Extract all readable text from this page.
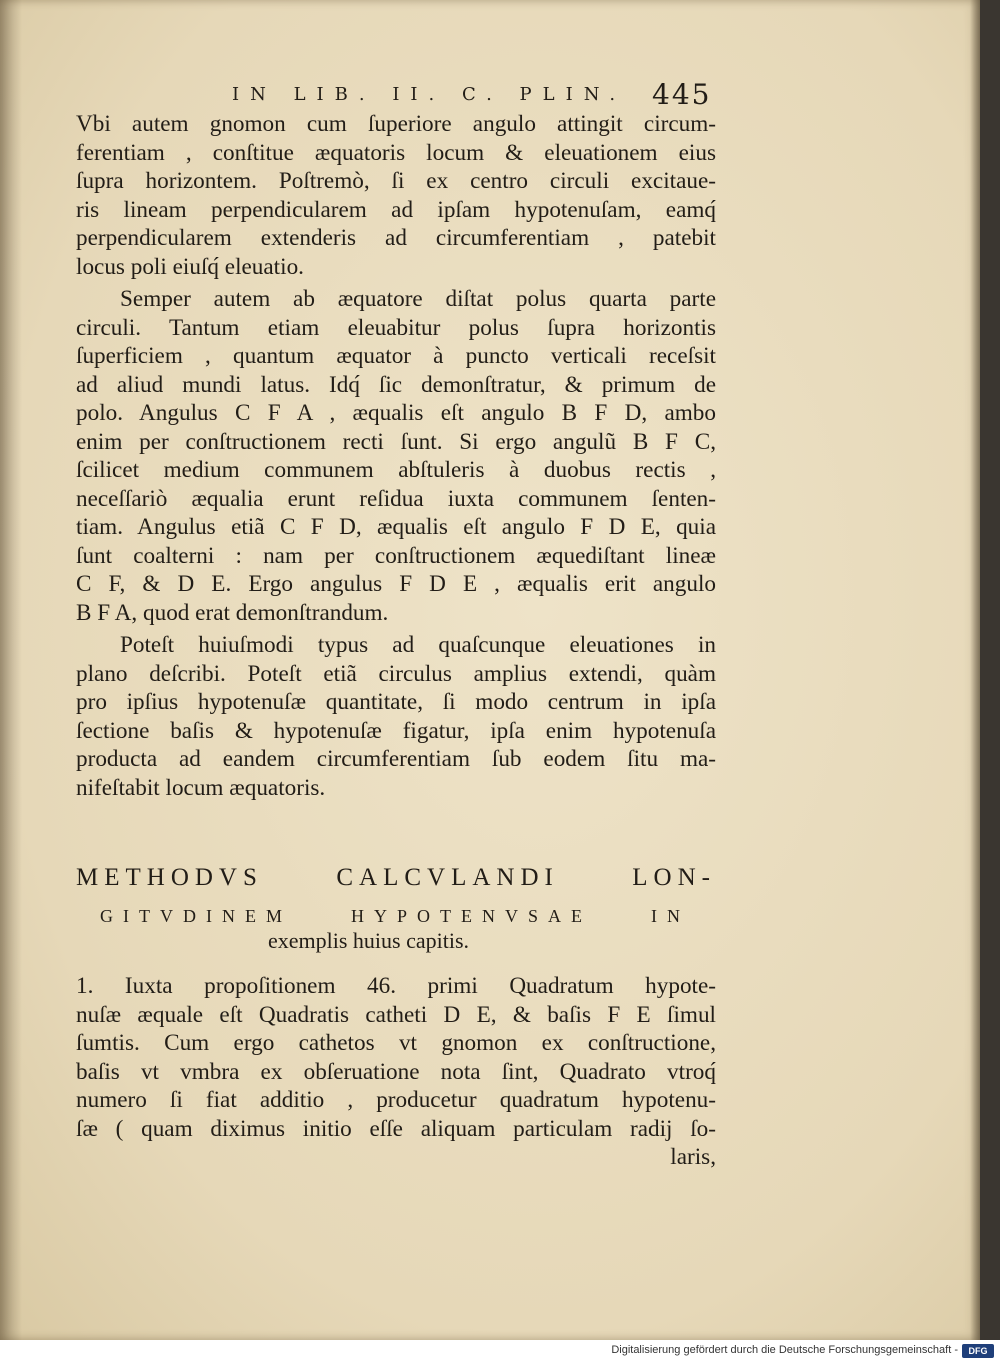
IN LIB. II. C. PLIN. 445
Vbi autem gnomon cum ſuperiore angulo attingit circum-
ferentiam , conſtitue æquatoris locum & eleuationem eius
ſupra horizontem. Poſtremò, ſi ex centro circuli excitaue-
ris lineam perpendicularem ad ipſam hypotenuſam, eamq́
perpendicularem extenderis ad circumferentiam , patebit
locus poli eiuſq́ eleuatio.
Semper autem ab æquatore diſtat polus quarta parte
circuli. Tantum etiam eleuabitur polus ſupra horizontis
ſuperficiem , quantum æquator à puncto verticali receſsit
ad aliud mundi latus. Idq́ ſic demonſtratur, & primum de
polo. Angulus C F A , æqualis eſt angulo B F D, ambo
enim per conſtructionem recti ſunt. Si ergo angulũ B F C,
ſcilicet medium communem abſtuleris à duobus rectis ,
neceſſariò æqualia erunt reſidua iuxta communem ſenten-
tiam. Angulus etiã C F D, æqualis eſt angulo F D E, quia
ſunt coalterni : nam per conſtructionem æquediſtant lineæ
C F, & D E. Ergo angulus F D E , æqualis erit angulo
B F A, quod erat demonſtrandum.
Poteſt huiuſmodi typus ad quaſcunque eleuationes in
plano deſcribi. Poteſt etiã circulus amplius extendi, quàm
pro ipſius hypotenuſæ quantitate, ſi modo centrum in ipſa
ſectione baſis & hypotenuſæ figatur, ipſa enim hypotenuſa
producta ad eandem circumferentiam ſub eodem ſitu ma-
nifeſtabit locum æquatoris.
METHODVS CALCVLANDI LON-
GITVDINEM HYPOTENVSAE IN
exemplis huius capitis.
1. Iuxta propoſitionem 46. primi Quadratum hypote-
nuſæ æquale eſt Quadratis catheti D E, & baſis F E ſimul
ſumtis. Cum ergo cathetos vt gnomon ex conſtructione,
baſis vt vmbra ex obſeruatione nota ſint, Quadrato vtroq́
numero ſi fiat additio , producetur quadratum hypotenu-
ſæ ( quam diximus initio eſſe aliquam particulam radij ſo-
laris,
Digitalisierung gefördert durch die Deutsche Forschungsgemeinschaft -	DFG
